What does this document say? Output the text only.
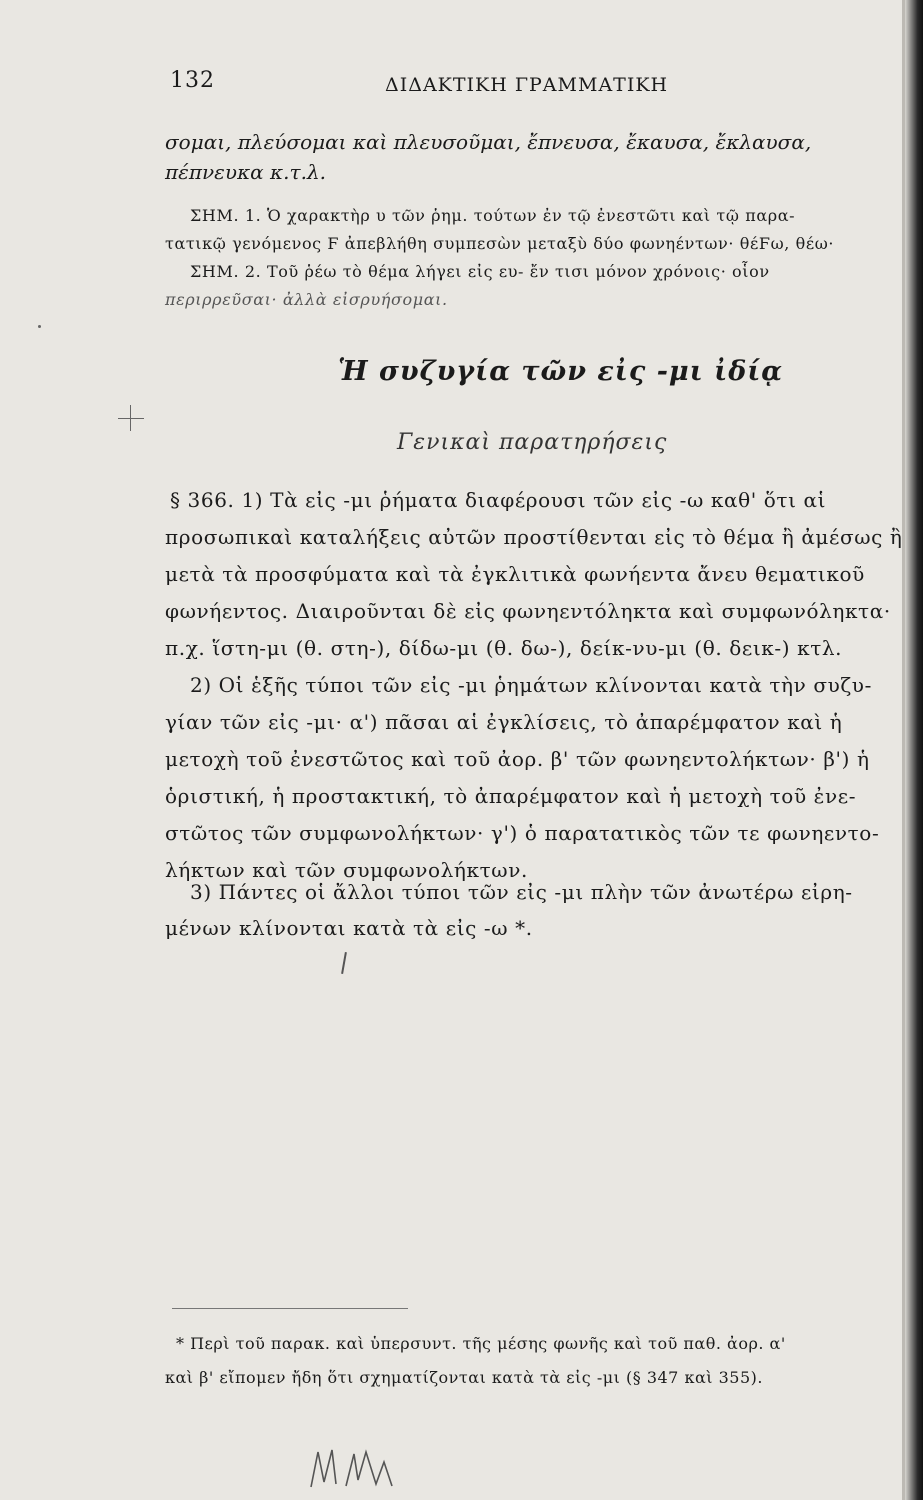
132	ΔΙΔΑΚΤΙΚΗ ΓΡΑΜΜΑΤΙΚΗ
σομαι, πλεύσομαι καὶ πλευσοῦμαι, ἔπνευσα, ἔκαυσα, ἔκλαυσα,
πέπνευκα κ.τ.λ.
ΣΗΜ. 1. Ὁ χαρακτὴρ υ τῶν ῥημ. τούτων ἐν τῷ ἐνεστῶτι καὶ τῷ παρα-
τατικῷ γενόμενος Ϝ ἀπεβλήθη συμπεσὼν μεταξὺ δύο φωνηέντων· θέϜω, θέω·
ΣΗΜ. 2. Τοῦ ῥέω τὸ θέμα λήγει εἰς ευ- ἔν τισι μόνον χρόνοις· οἷον
περιρρεῦσαι· ἀλλὰ εἰσρυήσομαι.
Ἡ συζυγία τῶν εἰς -μι ἰδίᾳ
Γενικαὶ παρατηρήσεις
§ 366. 1) Τὰ εἰς -μι ῥήματα διαφέρουσι τῶν εἰς -ω καθ' ὅτι αἱ
προσωπικαὶ καταλήξεις αὐτῶν προστίθενται εἰς τὸ θέμα ἢ ἀμέσως ἢ
μετὰ τὰ προσφύματα καὶ τὰ ἐγκλιτικὰ φωνήεντα ἄνευ θεματικοῦ
φωνήεντος. Διαιροῦνται δὲ εἰς φωνηεντόληκτα καὶ συμφωνόληκτα·
π.χ. ἵστη-μι (θ. στη-), δίδω-μι (θ. δω-), δείκ-νυ-μι (θ. δεικ-) κτλ.
2) Οἱ ἑξῆς τύποι τῶν εἰς -μι ῥημάτων κλίνονται κατὰ τὴν συζυ-
γίαν τῶν εἰς -μι· α') πᾶσαι αἱ ἐγκλίσεις, τὸ ἀπαρέμφατον καὶ ἡ
μετοχὴ τοῦ ἐνεστῶτος καὶ τοῦ ἀορ. β' τῶν φωνηεντολήκτων· β') ἡ
ὁριστική, ἡ προστακτική, τὸ ἀπαρέμφατον καὶ ἡ μετοχὴ τοῦ ἐνε-
στῶτος τῶν συμφωνολήκτων· γ') ὁ παρατατικὸς τῶν τε φωνηεντο-
λήκτων καὶ τῶν συμφωνολήκτων.
3) Πάντες οἱ ἄλλοι τύποι τῶν εἰς -μι πλὴν τῶν ἀνωτέρω εἰρη-
μένων κλίνονται κατὰ τὰ εἰς -ω *.
* Περὶ τοῦ παρακ. καὶ ὑπερσυντ. τῆς μέσης φωνῆς καὶ τοῦ παθ. ἀορ. α'
καὶ β' εἴπομεν ἤδη ὅτι σχηματίζονται κατὰ τὰ εἰς -μι (§ 347 καὶ 355).
